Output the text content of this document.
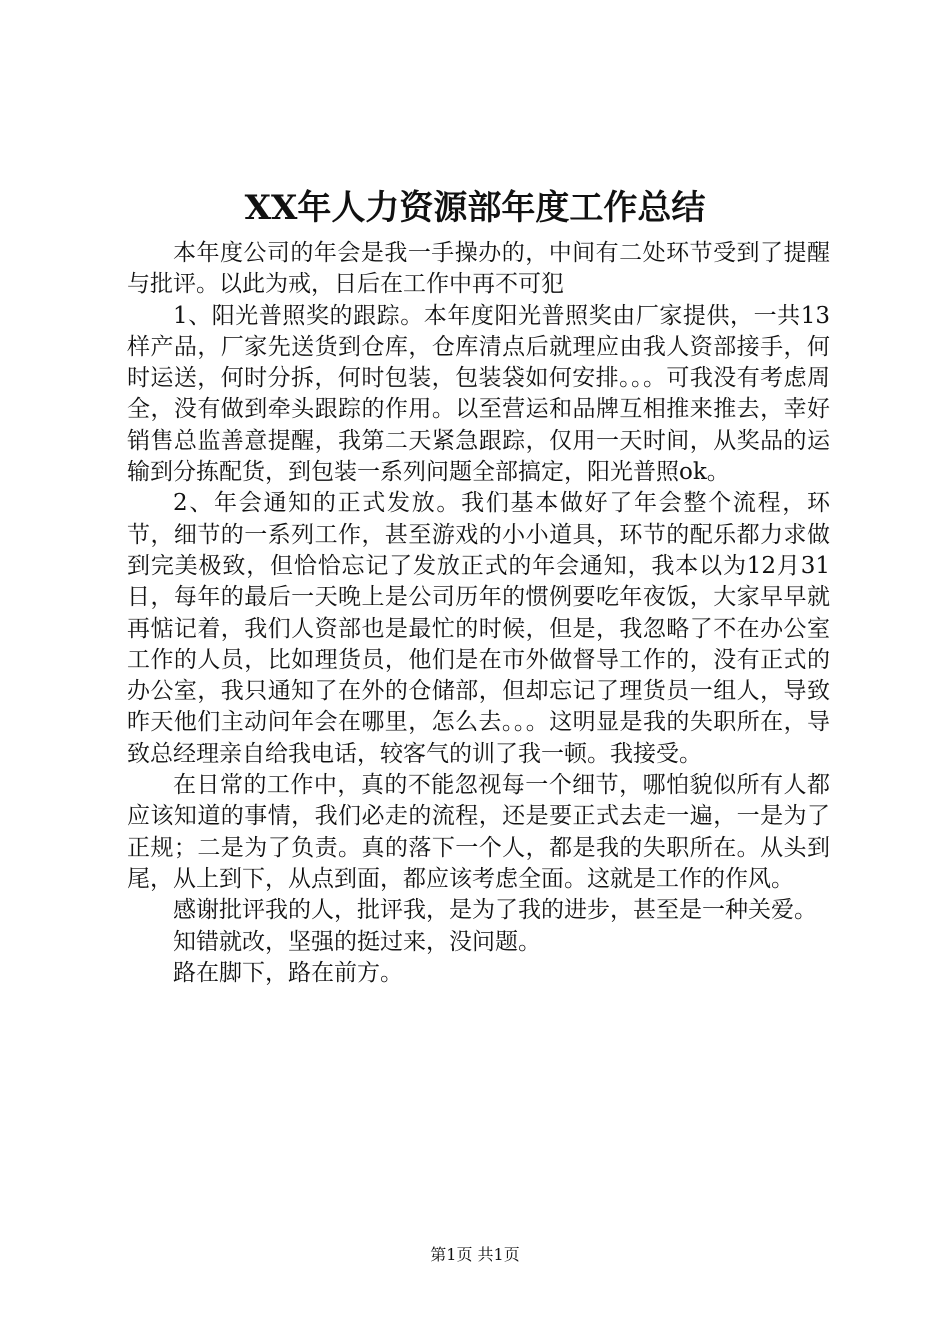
XX年人力资源部年度工作总结

本年度公司的年会是我一手操办的，中间有二处环节受到了提醒与批评。以此为戒，日后在工作中再不可犯

1、阳光普照奖的跟踪。本年度阳光普照奖由厂家提供，一共13样产品，厂家先送货到仓库，仓库清点后就理应由我人资部接手，何时运送，何时分拆，何时包装，包装袋如何安排。。。可我没有考虑周全，没有做到牵头跟踪的作用。以至营运和品牌互相推来推去，幸好销售总监善意提醒，我第二天紧急跟踪，仅用一天时间，从奖品的运输到分拣配货，到包装一系列问题全部搞定，阳光普照ok。

2、年会通知的正式发放。我们基本做好了年会整个流程，环节，细节的一系列工作，甚至游戏的小小道具，环节的配乐都力求做到完美极致，但恰恰忘记了发放正式的年会通知，我本以为12月31日，每年的最后一天晚上是公司历年的惯例要吃年夜饭，大家早早就再惦记着，我们人资部也是最忙的时候，但是，我忽略了不在办公室工作的人员，比如理货员，他们是在市外做督导工作的，没有正式的办公室，我只通知了在外的仓储部，但却忘记了理货员一组人，导致昨天他们主动问年会在哪里，怎么去。。。这明显是我的失职所在，导致总经理亲自给我电话，较客气的训了我一顿。我接受。

在日常的工作中，真的不能忽视每一个细节，哪怕貌似所有人都应该知道的事情，我们必走的流程，还是要正式去走一遍，一是为了正规；二是为了负责。真的落下一个人，都是我的失职所在。从头到尾，从上到下，从点到面，都应该考虑全面。这就是工作的作风。

感谢批评我的人，批评我，是为了我的进步，甚至是一种关爱。

知错就改，坚强的挺过来，没问题。

路在脚下，路在前方。

第1页 共1页
